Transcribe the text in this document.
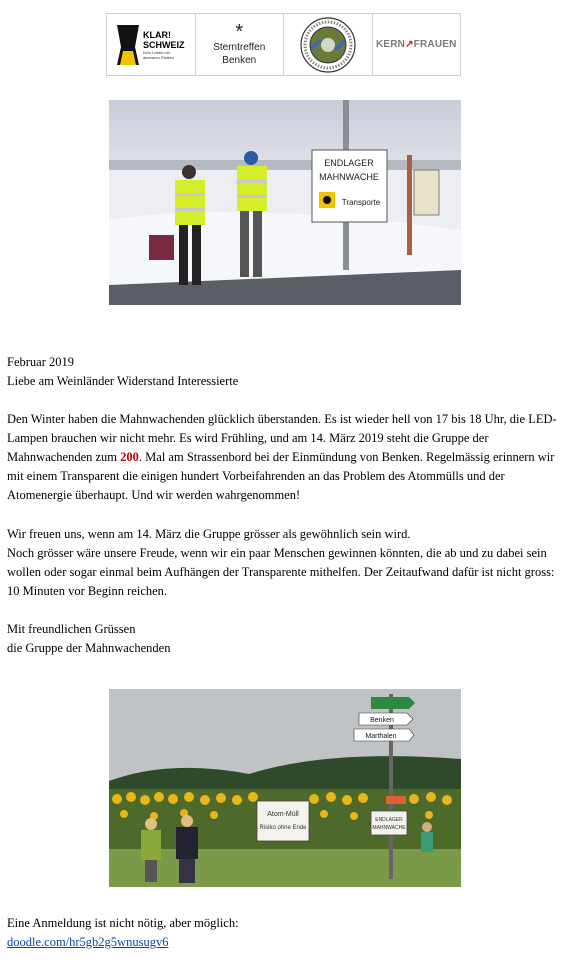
KLAR!
SCHWEIZ
Kein Leben mit
atomaren Risiken
*
Sterntreffen
Benken
KERN↗FRAUEN
ENDLAGER
MAHNWACHE
Transporte

Februar 2019

Liebe am Weinländer Widerstand Interessierte

Den Winter haben die Mahnwachenden glücklich überstanden. Es ist wieder hell von 17 bis 18 Uhr, die LED-Lampen brauchen wir nicht mehr. Es wird Frühling, und am 14. März 2019 steht die Gruppe der Mahnwachenden zum 200. Mal am Strassenbord bei der Einmündung von Benken. Regelmässig erinnern wir mit einem Transparent die einigen hundert Vorbeifahrenden an das Problem des Atommülls und der Atomenergie überhaupt. Und wir werden wahrgenommen!

Wir freuen uns, wenn am 14. März die Gruppe grösser als gewöhnlich sein wird.

Noch grösser wäre unsere Freude, wenn wir ein paar Menschen gewinnen könnten, die ab und zu dabei sein wollen oder sogar einmal beim Aufhängen der Transparente mithelfen. Der Zeitaufwand dafür ist nicht gross: 10 Minuten vor Beginn reichen.

Mit freundlichen Grüssen

die Gruppe der Mahnwachenden

Benken
Marthalen
Atom-Müll
Risiko ohne Ende
ENDLAGER
MAHNWACHE

Eine Anmeldung ist nicht nötig, aber möglich:

doodle.com/hr5gb2g5wnusugv6
